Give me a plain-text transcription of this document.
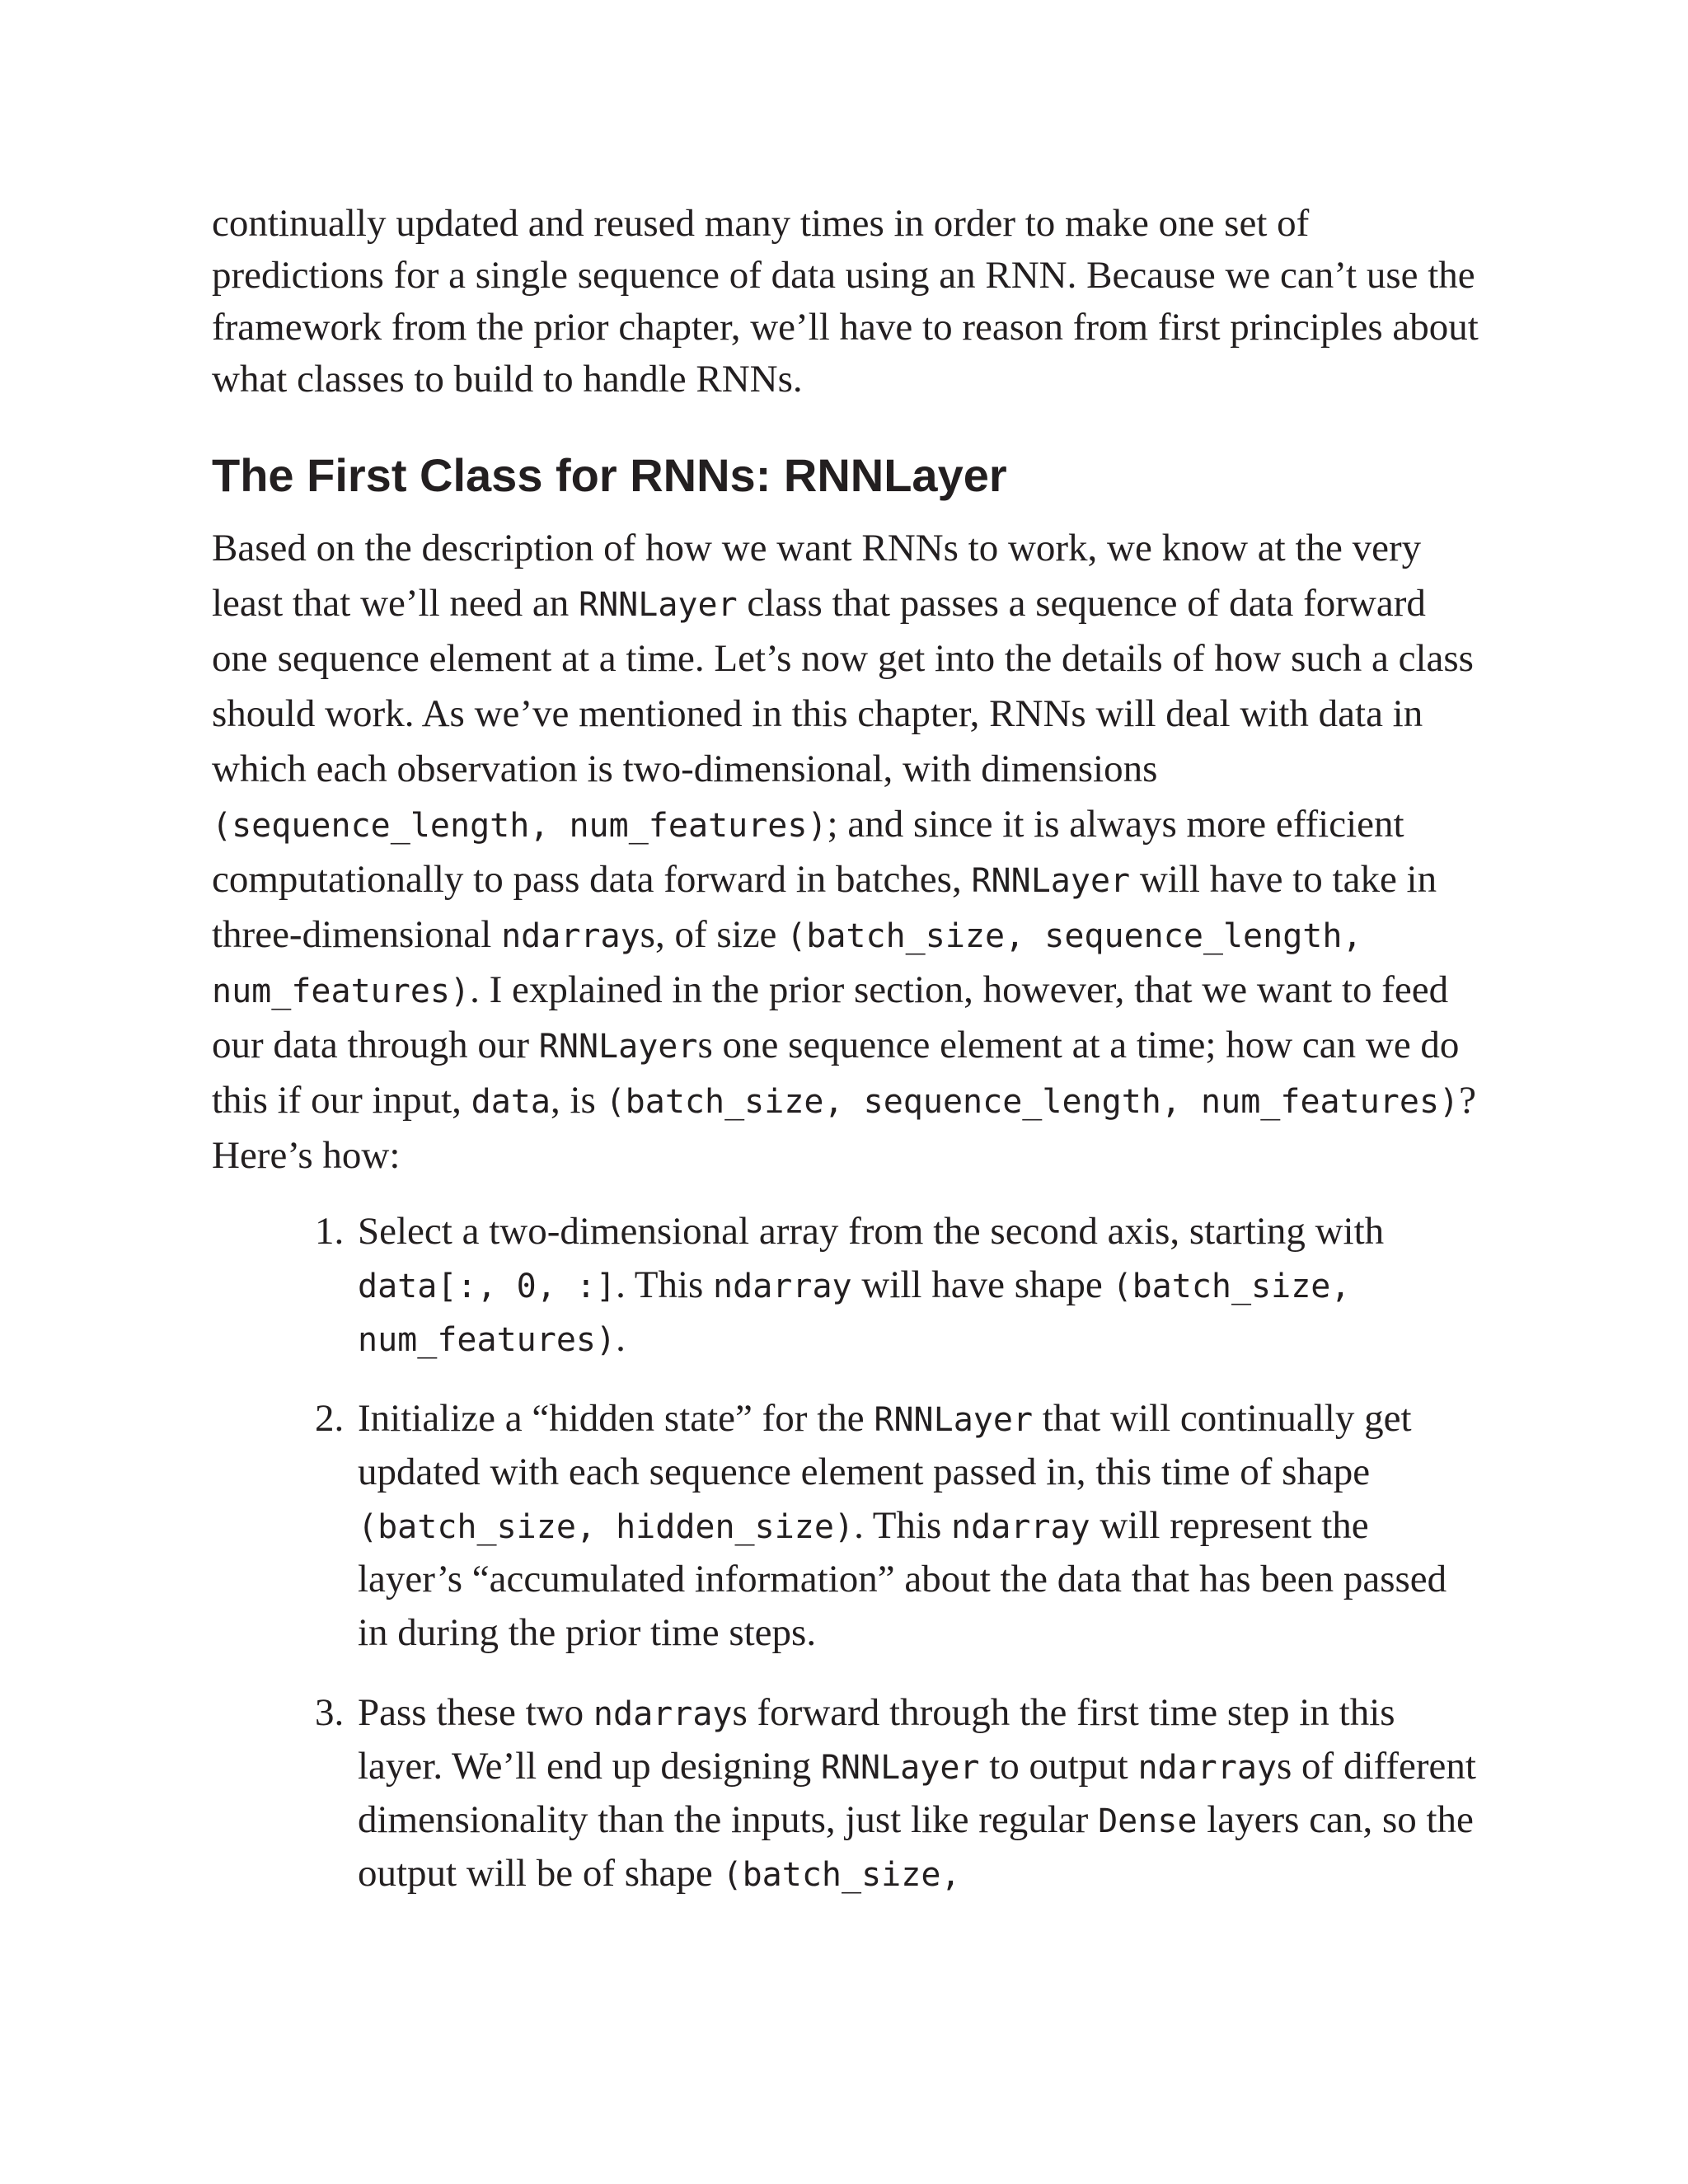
continually updated and reused many times in order to make one set of predictions for a single sequence of data using an RNN. Because we can’t use the framework from the prior chapter, we’ll have to reason from first principles about what classes to build to handle RNNs.

The First Class for RNNs: RNNLayer

Based on the description of how we want RNNs to work, we know at the very least that we’ll need an RNNLayer class that passes a sequence of data forward one sequence element at a time. Let’s now get into the details of how such a class should work. As we’ve mentioned in this chapter, RNNs will deal with data in which each observation is two-dimensional, with dimensions (sequence_length, num_features); and since it is always more efficient computationally to pass data forward in batches, RNNLayer will have to take in three-dimensional ndarrays, of size (batch_size, sequence_length, num_features). I explained in the prior section, however, that we want to feed our data through our RNNLayers one sequence element at a time; how can we do this if our input, data, is (batch_size, sequence_length, num_features)? Here’s how:

1. Select a two-dimensional array from the second axis, starting with data[:, 0, :]. This ndarray will have shape (batch_size, num_features).
2. Initialize a “hidden state” for the RNNLayer that will continually get updated with each sequence element passed in, this time of shape (batch_size, hidden_size). This ndarray will represent the layer’s “accumulated information” about the data that has been passed in during the prior time steps.
3. Pass these two ndarrays forward through the first time step in this layer. We’ll end up designing RNNLayer to output ndarrays of different dimensionality than the inputs, just like regular Dense layers can, so the output will be of shape (batch_size,
